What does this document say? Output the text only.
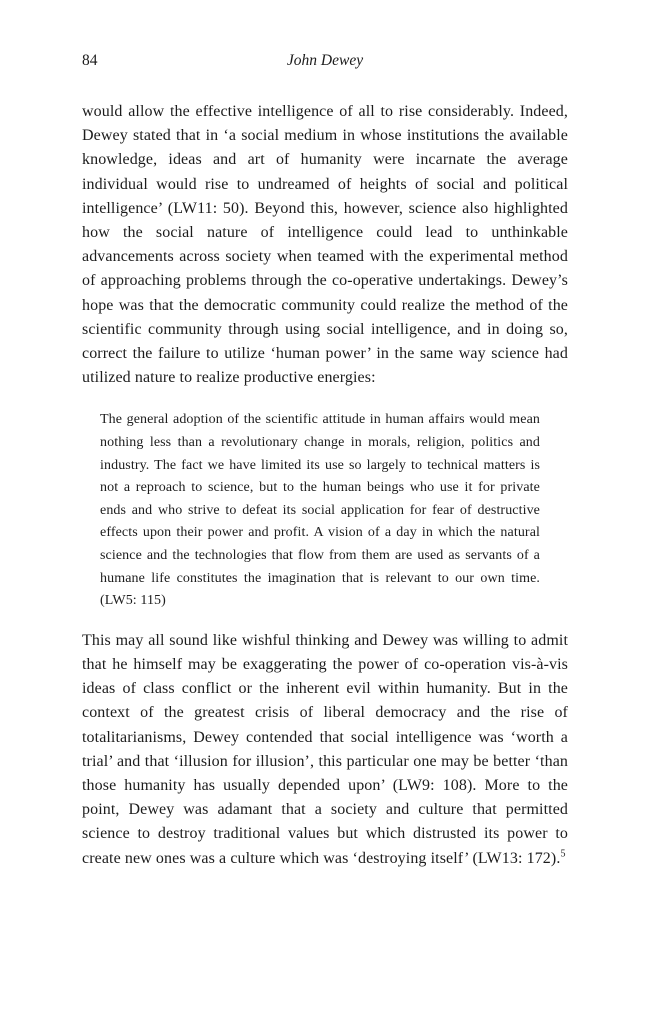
84	John Dewey

would allow the effective intelligence of all to rise considerably. Indeed, Dewey stated that in ‘a social medium in whose institutions the available knowledge, ideas and art of humanity were incarnate the average individual would rise to undreamed of heights of social and political intelligence’ (LW11: 50). Beyond this, however, science also highlighted how the social nature of intelligence could lead to unthinkable advancements across society when teamed with the experimental method of approaching problems through the co-operative undertakings. Dewey’s hope was that the democratic community could realize the method of the scientific community through using social intelligence, and in doing so, correct the failure to utilize ‘human power’ in the same way science had utilized nature to realize productive energies:

The general adoption of the scientific attitude in human affairs would mean nothing less than a revolutionary change in morals, religion, politics and industry. The fact we have limited its use so largely to technical matters is not a reproach to science, but to the human beings who use it for private ends and who strive to defeat its social application for fear of destructive effects upon their power and profit. A vision of a day in which the natural science and the technologies that flow from them are used as servants of a humane life constitutes the imagination that is relevant to our own time. (LW5: 115)

This may all sound like wishful thinking and Dewey was willing to admit that he himself may be exaggerating the power of co-operation vis-à-vis ideas of class conflict or the inherent evil within humanity. But in the context of the greatest crisis of liberal democracy and the rise of totalitarianisms, Dewey contended that social intelligence was ‘worth a trial’ and that ‘illusion for illusion’, this particular one may be better ‘than those humanity has usually depended upon’ (LW9: 108). More to the point, Dewey was adamant that a society and culture that permitted science to destroy traditional values but which distrusted its power to create new ones was a culture which was ‘destroying itself’ (LW13: 172).$^5$
